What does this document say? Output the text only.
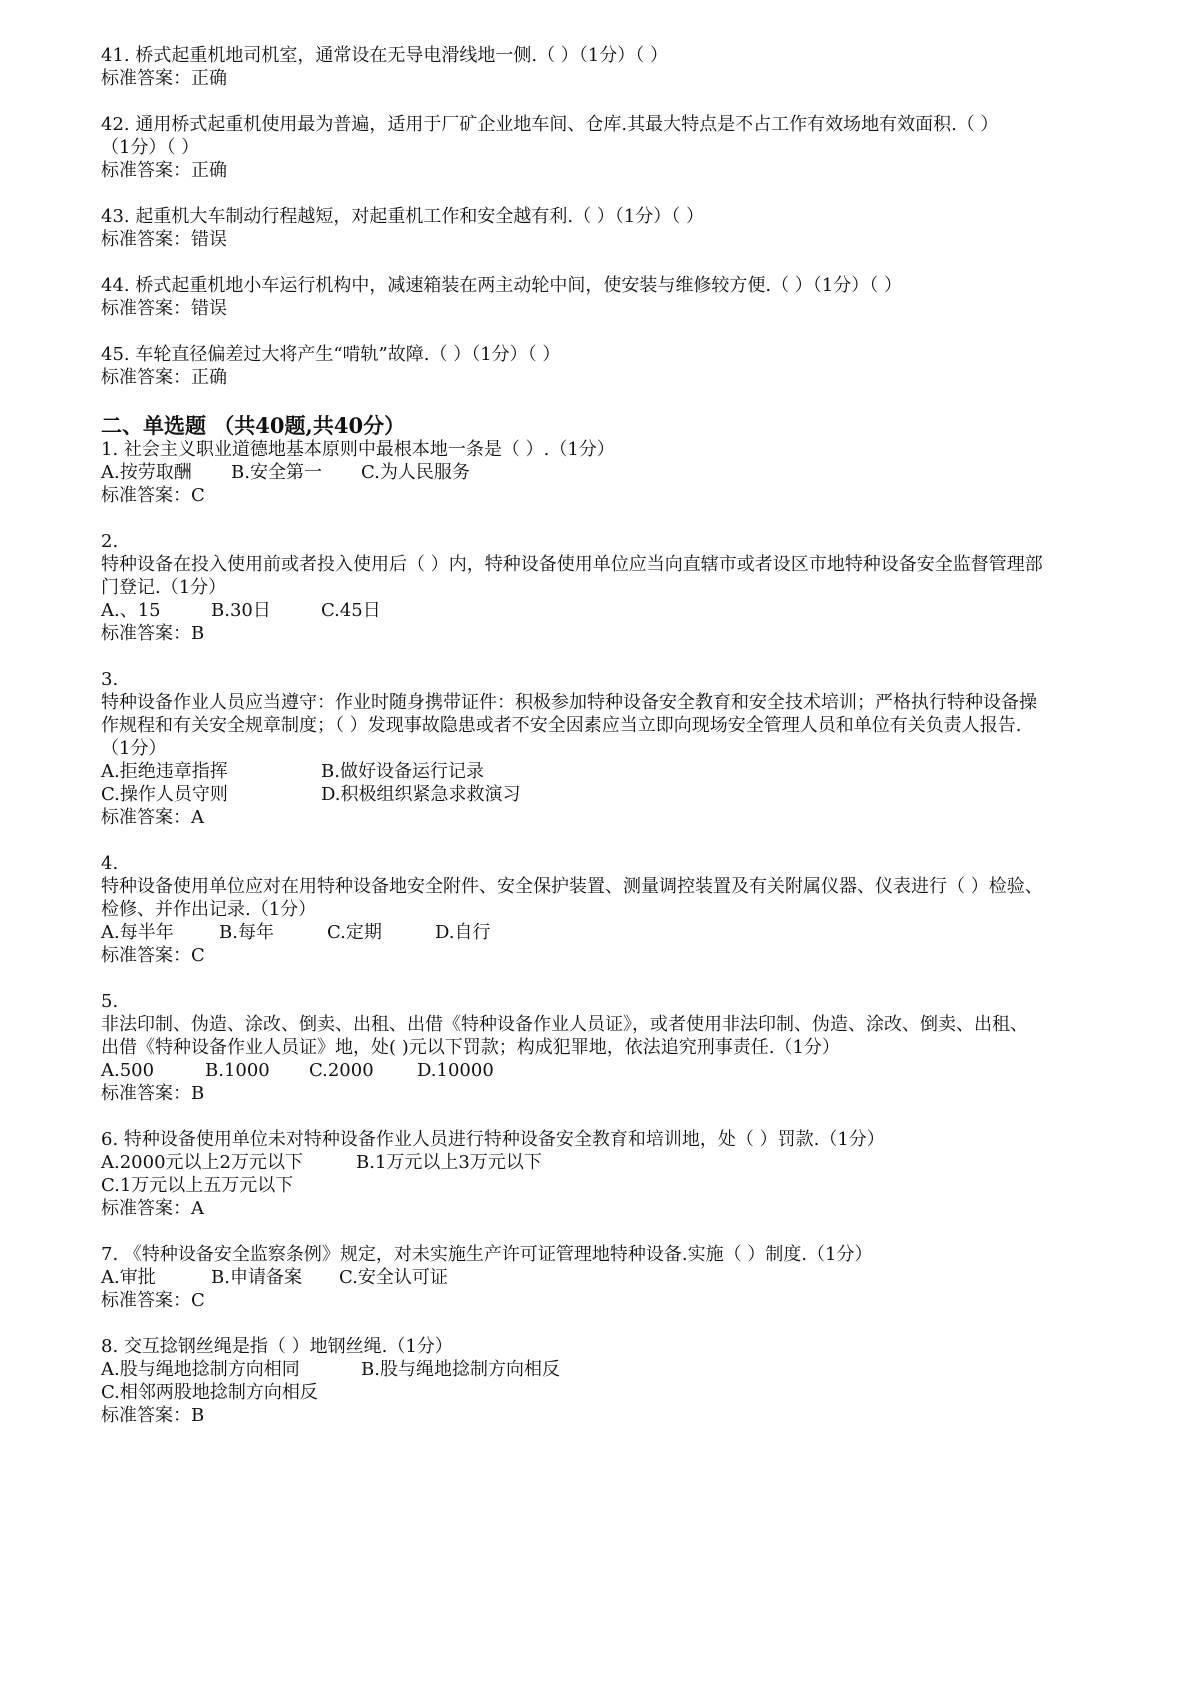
41. 桥式起重机地司机室，通常设在无导电滑线地一侧.（ ）（1分）（ ）
标准答案：正确
42. 通用桥式起重机使用最为普遍，适用于厂矿企业地车间、仓库.其最大特点是不占工作有效场地有效面积.（ ）
（1分）（ ）
标准答案：正确
43. 起重机大车制动行程越短，对起重机工作和安全越有利.（ ）（1分）（ ）
标准答案：错误
44. 桥式起重机地小车运行机构中，减速箱装在两主动轮中间，使安装与维修较方便.（ ）（1分）（ ）
标准答案：错误
45. 车轮直径偏差过大将产生“啃轨”故障.（ ）（1分）（ ）
标准答案：正确
二、单选题 （共40题,共40分）
1. 社会主义职业道德地基本原则中最根本地一条是（ ）.（1分）
A.按劳取酬	B.安全第一	C.为人民服务
标准答案：C
2.
特种设备在投入使用前或者投入使用后（ ）内，特种设备使用单位应当向直辖市或者设区市地特种设备安全监督管理部
门登记.（1分）
A.、15	B.30日	C.45日
标准答案：B
3.
特种设备作业人员应当遵守：作业时随身携带证件：积极参加特种设备安全教育和安全技术培训；严格执行特种设备操
作规程和有关安全规章制度；（ ）发现事故隐患或者不安全因素应当立即向现场安全管理人员和单位有关负责人报告.
（1分）
A.拒绝违章指挥	B.做好设备运行记录
C.操作人员守则	D.积极组织紧急求救演习
标准答案：A
4.
特种设备使用单位应对在用特种设备地安全附件、安全保护装置、测量调控装置及有关附属仪器、仪表进行（ ）检验、
检修、并作出记录.（1分）
A.每半年	B.每年	C.定期	D.自行
标准答案：C
5.
非法印制、伪造、涂改、倒卖、出租、出借《特种设备作业人员证》，或者使用非法印制、伪造、涂改、倒卖、出租、
出借《特种设备作业人员证》地，处( )元以下罚款；构成犯罪地，依法追究刑事责任.（1分）
A.500	B.1000	C.2000	D.10000
标准答案：B
6. 特种设备使用单位未对特种设备作业人员进行特种设备安全教育和培训地，处（ ）罚款.（1分）
A.2000元以上2万元以下	B.1万元以上3万元以下
C.1万元以上五万元以下
标准答案：A
7. 《特种设备安全监察条例》规定，对未实施生产许可证管理地特种设备.实施（ ）制度.（1分）
A.审批	B.申请备案	C.安全认可证
标准答案：C
8. 交互捻钢丝绳是指（ ）地钢丝绳.（1分）
A.股与绳地捻制方向相同	B.股与绳地捻制方向相反
C.相邻两股地捻制方向相反
标准答案：B
